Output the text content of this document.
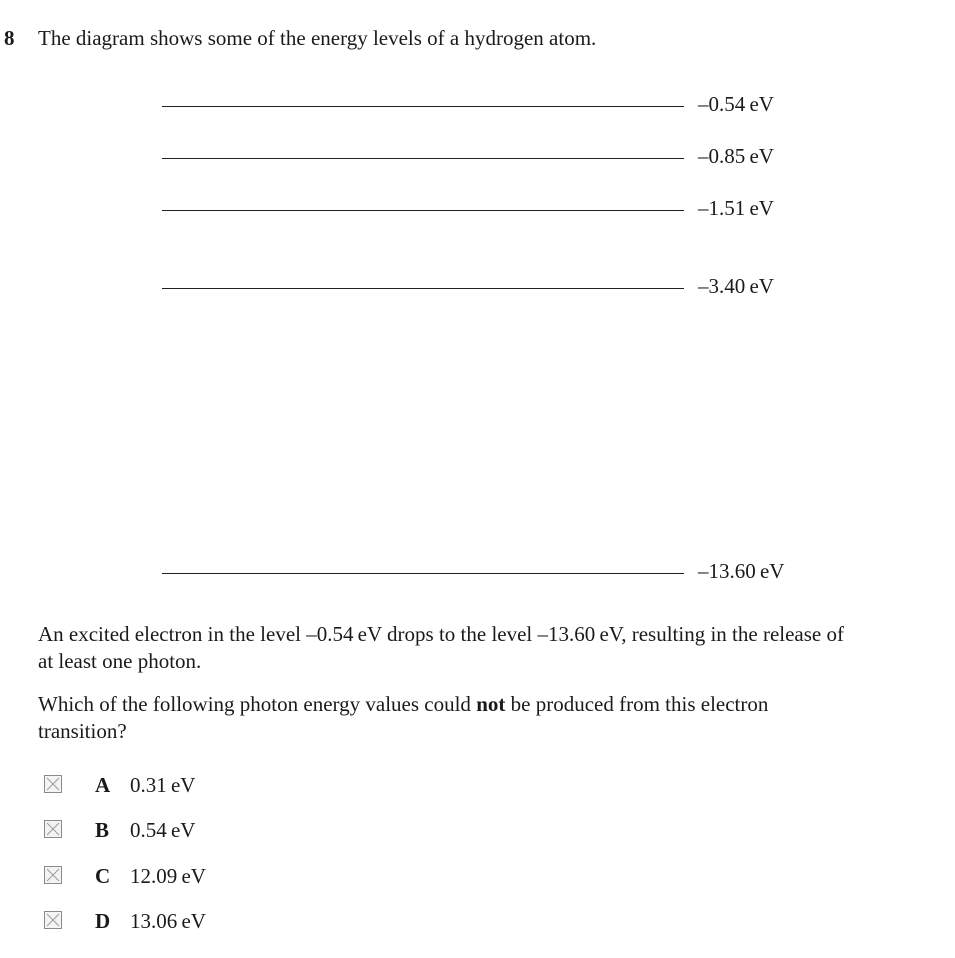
8 The diagram shows some of the energy levels of a hydrogen atom.
–0.54 eV
–0.85 eV
–1.51 eV
–3.40 eV
–13.60 eV
An excited electron in the level –0.54 eV drops to the level –13.60 eV, resulting in the release of at least one photon.
Which of the following photon energy values could not be produced from this electron transition?
A 0.31 eV
B 0.54 eV
C 12.09 eV
D 13.06 eV
